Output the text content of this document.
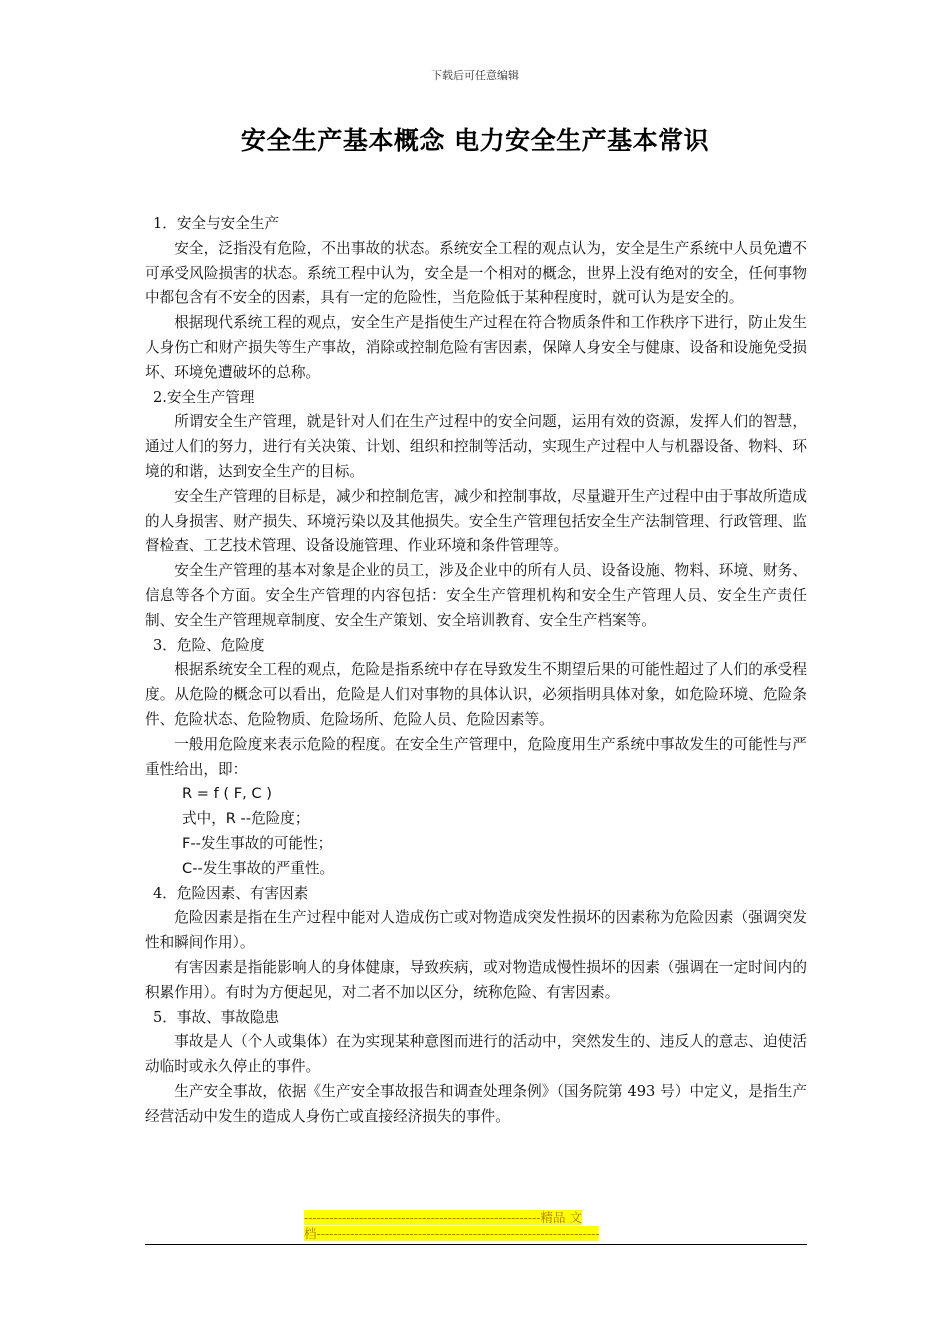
下载后可任意编辑
安全生产基本概念 电力安全生产基本常识

1．安全与安全生产

安全，泛指没有危险，不出事故的状态。系统安全工程的观点认为，安全是生产系统中人员免遭不可承受风险损害的状态。系统工程中认为，安全是一个相对的概念，世界上没有绝对的安全，任何事物中都包含有不安全的因素，具有一定的危险性，当危险低于某种程度时，就可认为是安全的。

根据现代系统工程的观点，安全生产是指使生产过程在符合物质条件和工作秩序下进行，防止发生人身伤亡和财产损失等生产事故，消除或控制危险有害因素，保障人身安全与健康、设备和设施免受损坏、环境免遭破坏的总称。

2.安全生产管理

所谓安全生产管理，就是针对人们在生产过程中的安全问题，运用有效的资源，发挥人们的智慧，通过人们的努力，进行有关决策、计划、组织和控制等活动，实现生产过程中人与机器设备、物料、环境的和谐，达到安全生产的目标。

安全生产管理的目标是，减少和控制危害，减少和控制事故，尽量避开生产过程中由于事故所造成的人身损害、财产损失、环境污染以及其他损失。安全生产管理包括安全生产法制管理、行政管理、监督检查、工艺技术管理、设备设施管理、作业环境和条件管理等。

安全生产管理的基本对象是企业的员工，涉及企业中的所有人员、设备设施、物料、环境、财务、信息等各个方面。安全生产管理的内容包括：安全生产管理机构和安全生产管理人员、安全生产责任制、安全生产管理规章制度、安全生产策划、安全培训教育、安全生产档案等。

3．危险、危险度

根据系统安全工程的观点，危险是指系统中存在导致发生不期望后果的可能性超过了人们的承受程度。从危险的概念可以看出，危险是人们对事物的具体认识，必须指明具体对象，如危险环境、危险条件、危险状态、危险物质、危险场所、危险人员、危险因素等。

一般用危险度来表示危险的程度。在安全生产管理中，危险度用生产系统中事故发生的可能性与严重性给出，即：

R = f ( F, C )

式中，R --危险度；

F--发生事故的可能性；

C--发生事故的严重性。

4．危险因素、有害因素

危险因素是指在生产过程中能对人造成伤亡或对物造成突发性损坏的因素称为危险因素（强调突发性和瞬间作用）。

有害因素是指能影响人的身体健康，导致疾病，或对物造成慢性损坏的因素（强调在一定时间内的积累作用）。有时为方便起见，对二者不加以区分，统称危险、有害因素。

5．事故、事故隐患

事故是人（个人或集体）在为实现某种意图而进行的活动中，突然发生的、违反人的意志、迫使活动临时或永久停止的事件。

生产安全事故，依据《生产安全事故报告和调查处理条例》（国务院第 493 号）中定义，是指生产经营活动中发生的造成人身伤亡或直接经济损失的事件。

--------------------------------------------------------精品 文
档-------------------------------------------------------------------
